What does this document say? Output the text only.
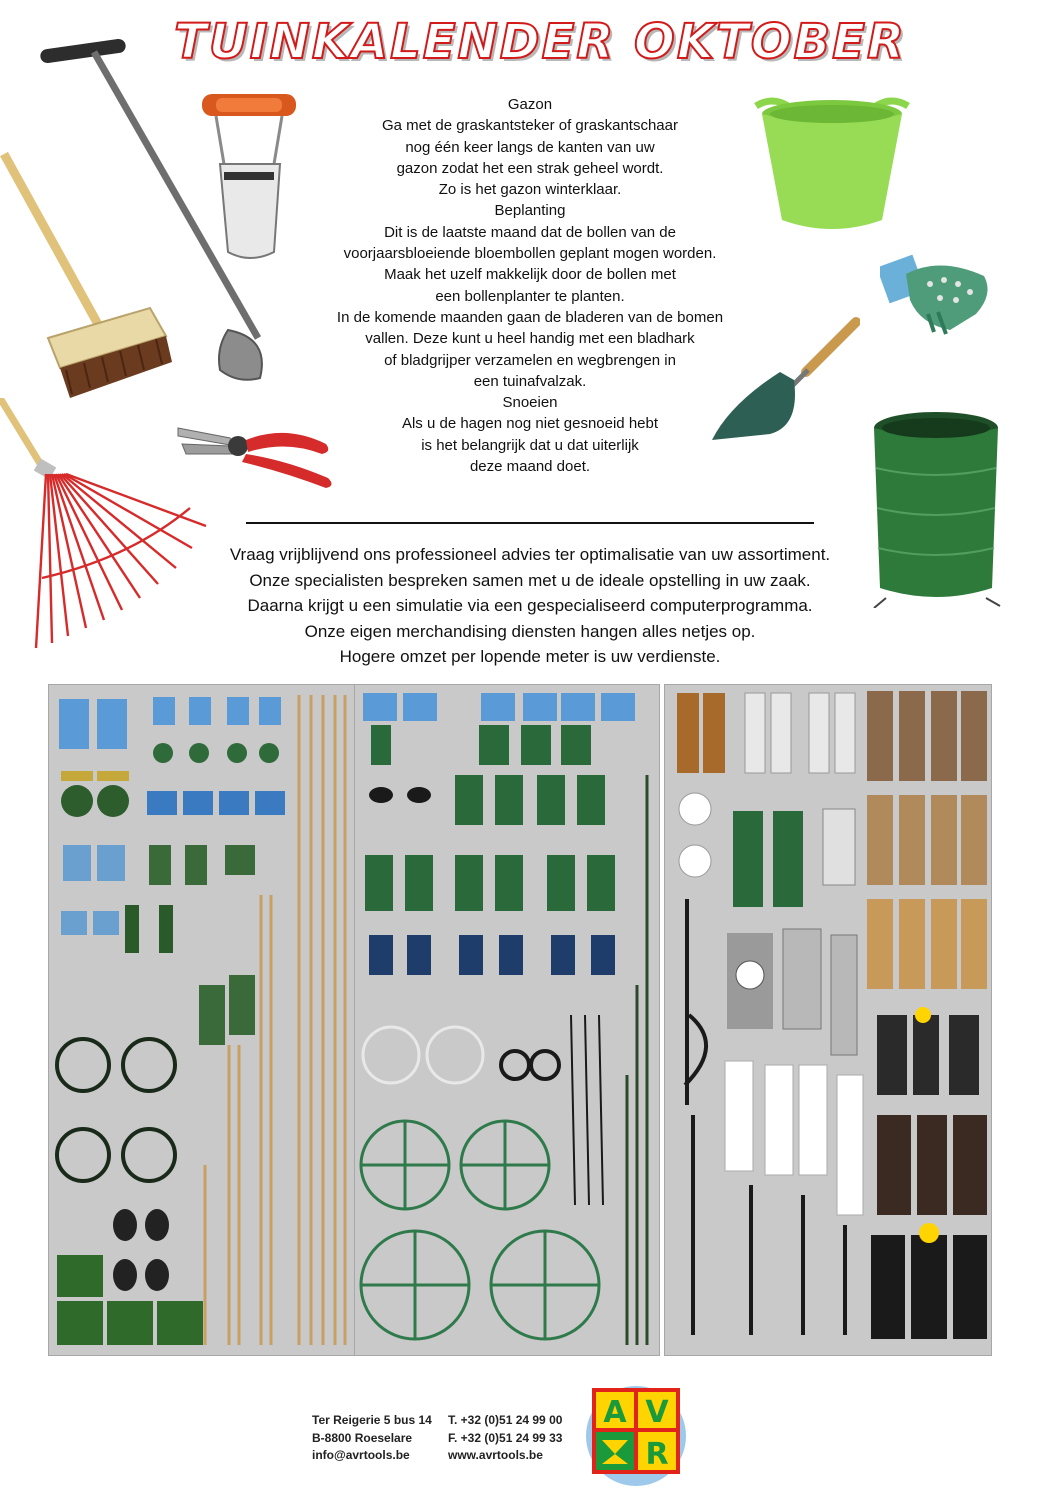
TUINKALENDER OKTOBER
Gazon
Ga met de graskantsteker of graskantschaar
nog één keer langs de kanten van uw
gazon zodat het een strak geheel wordt.
Zo is het gazon winterklaar.
Beplanting
Dit is de laatste maand dat de bollen van de
voorjaarsbloeiende bloembollen geplant mogen worden.
Maak het uzelf makkelijk door de bollen met
een bollenplanter te planten.
In de komende maanden gaan de bladeren van de bomen
vallen. Deze kunt u heel handig met een bladhark
of bladgrijper verzamelen en wegbrengen in
een tuinafvalzak.
Snoeien
Als u de hagen nog niet gesnoeid hebt
is het belangrijk dat u dat uiterlijk
deze maand doet.
Vraag vrijblijvend ons professioneel advies ter optimalisatie van uw assortiment.
Onze specialisten bespreken samen met u de ideale opstelling in uw zaak.
Daarna krijgt u een simulatie via een gespecialiseerd computerprogramma.
Onze eigen merchandising diensten hangen alles netjes op.
Hogere omzet per lopende meter is uw verdienste.
Ter Reigerie 5 bus 14
B-8800 Roeselare
info@avrtools.be
T. +32 (0)51 24 99 00
F. +32 (0)51 24 99 33
www.avrtools.be
A V
R
